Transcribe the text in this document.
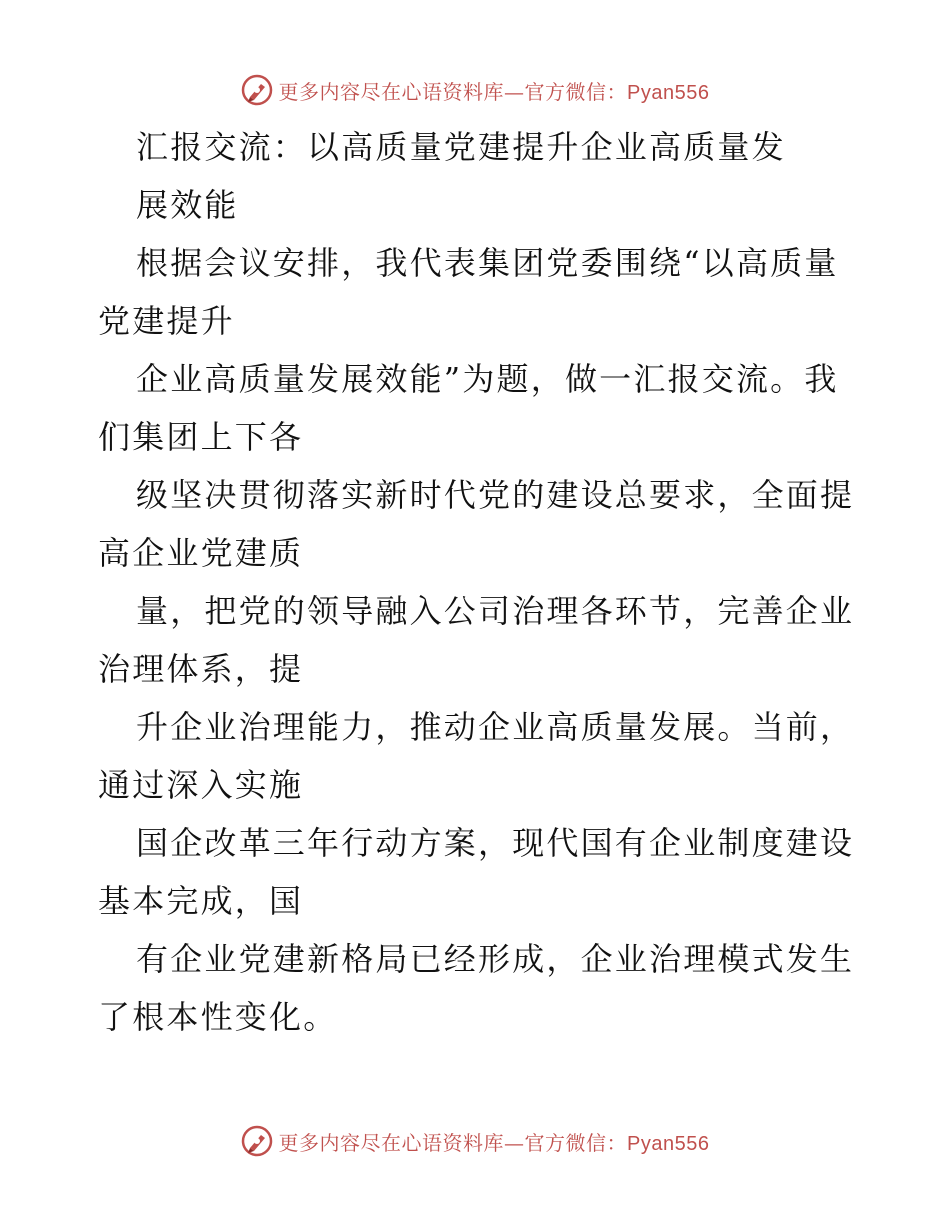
更多内容尽在心语资料库—官方微信：Pyan556
汇报交流：以高质量党建提升企业高质量发
展效能
根据会议安排，我代表集团党委围绕“以高质量
党建提升
企业高质量发展效能”为题，做一汇报交流。我
们集团上下各
级坚决贯彻落实新时代党的建设总要求，全面提
高企业党建质
量，把党的领导融入公司治理各环节，完善企业
治理体系，提
升企业治理能力，推动企业高质量发展。当前，
通过深入实施
国企改革三年行动方案，现代国有企业制度建设
基本完成，国
有企业党建新格局已经形成，企业治理模式发生
了根本性变化。
更多内容尽在心语资料库—官方微信：Pyan556
